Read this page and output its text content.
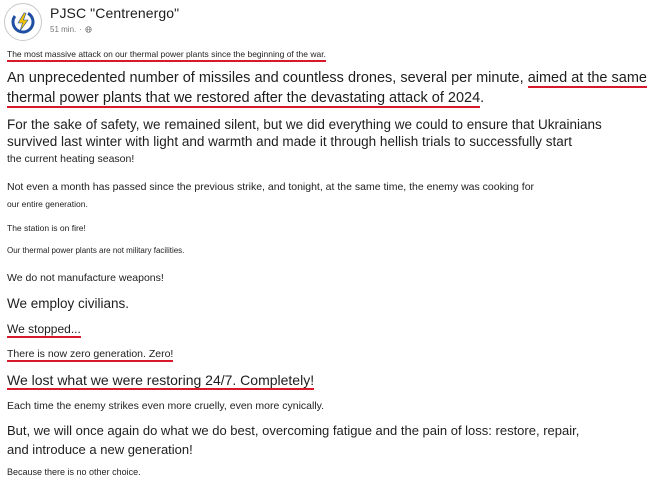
PJSC "Centrenergo"
51 min. ·
The most massive attack on our thermal power plants since the beginning of the war.
An unprecedented number of missiles and countless drones, several per minute, aimed at the same
thermal power plants that we restored after the devastating attack of 2024.
For the sake of safety, we remained silent, but we did everything we could to ensure that Ukrainians
survived last winter with light and warmth and made it through hellish trials to successfully start
the current heating season!
Not even a month has passed since the previous strike, and tonight, at the same time, the enemy was cooking for
our entire generation.
The station is on fire!
Our thermal power plants are not military facilities.
We do not manufacture weapons!
We employ civilians.
We stopped...
There is now zero generation. Zero!
We lost what we were restoring 24/7. Completely!
Each time the enemy strikes even more cruelly, even more cynically.
But, we will once again do what we do best, overcoming fatigue and the pain of loss: restore, repair,
and introduce a new generation!
Because there is no other choice.
